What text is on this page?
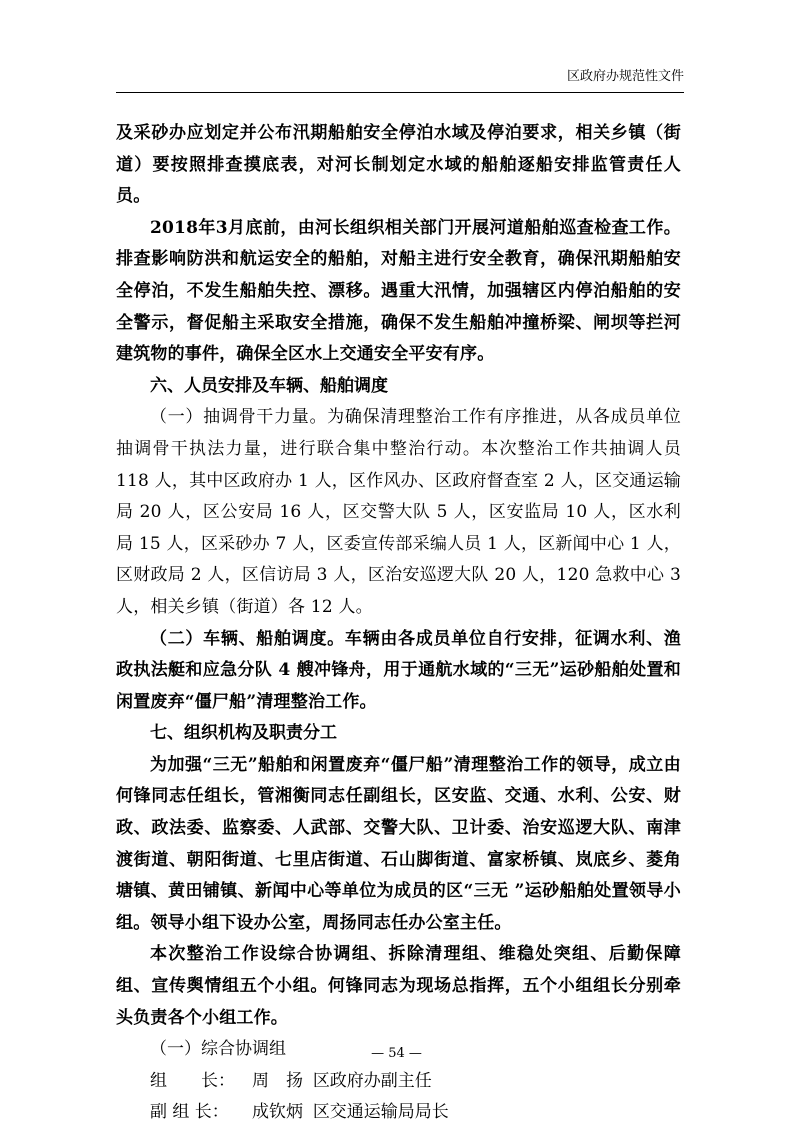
区政府办规范性文件

及采砂办应划定并公布汛期船舶安全停泊水域及停泊要求，相关乡镇（街道）要按照排查摸底表，对河长制划定水域的船舶逐船安排监管责任人员。

2018年3月底前，由河长组织相关部门开展河道船舶巡查检查工作。排查影响防洪和航运安全的船舶，对船主进行安全教育，确保汛期船舶安全停泊，不发生船舶失控、漂移。遇重大汛情，加强辖区内停泊船舶的安全警示，督促船主采取安全措施，确保不发生船舶冲撞桥梁、闸坝等拦河建筑物的事件，确保全区水上交通安全平安有序。

六、人员安排及车辆、船舶调度

（一）抽调骨干力量。为确保清理整治工作有序推进，从各成员单位抽调骨干执法力量，进行联合集中整治行动。本次整治工作共抽调人员 118 人，其中区政府办 1 人，区作风办、区政府督查室 2 人，区交通运输局 20 人，区公安局 16 人，区交警大队 5 人，区安监局 10 人，区水利局 15 人，区采砂办 7 人，区委宣传部采编人员 1 人，区新闻中心 1 人，区财政局 2 人，区信访局 3 人，区治安巡逻大队 20 人，120 急救中心 3 人，相关乡镇（街道）各 12 人。

（二）车辆、船舶调度。车辆由各成员单位自行安排，征调水利、渔政执法艇和应急分队 4 艘冲锋舟，用于通航水域的“三无”运砂船舶处置和闲置废弃“僵尸船”清理整治工作。

七、组织机构及职责分工

为加强“三无”船舶和闲置废弃“僵尸船”清理整治工作的领导，成立由何锋同志任组长，管湘衡同志任副组长，区安监、交通、水利、公安、财政、政法委、监察委、人武部、交警大队、卫计委、治安巡逻大队、南津渡街道、朝阳街道、七里店街道、石山脚街道、富家桥镇、岚底乡、菱角塘镇、黄田铺镇、新闻中心等单位为成员的区“三无 ”运砂船舶处置领导小组。领导小组下设办公室，周扬同志任办公室主任。

本次整治工作设综合协调组、拆除清理组、维稳处突组、后勤保障组、宣传舆情组五个小组。何锋同志为现场总指挥，五个小组组长分别牵头负责各个小组工作。

（一）综合协调组

组　　长： 周　扬 区政府办副主任

副 组 长： 成钦炳 区交通运输局局长

— 54 —
